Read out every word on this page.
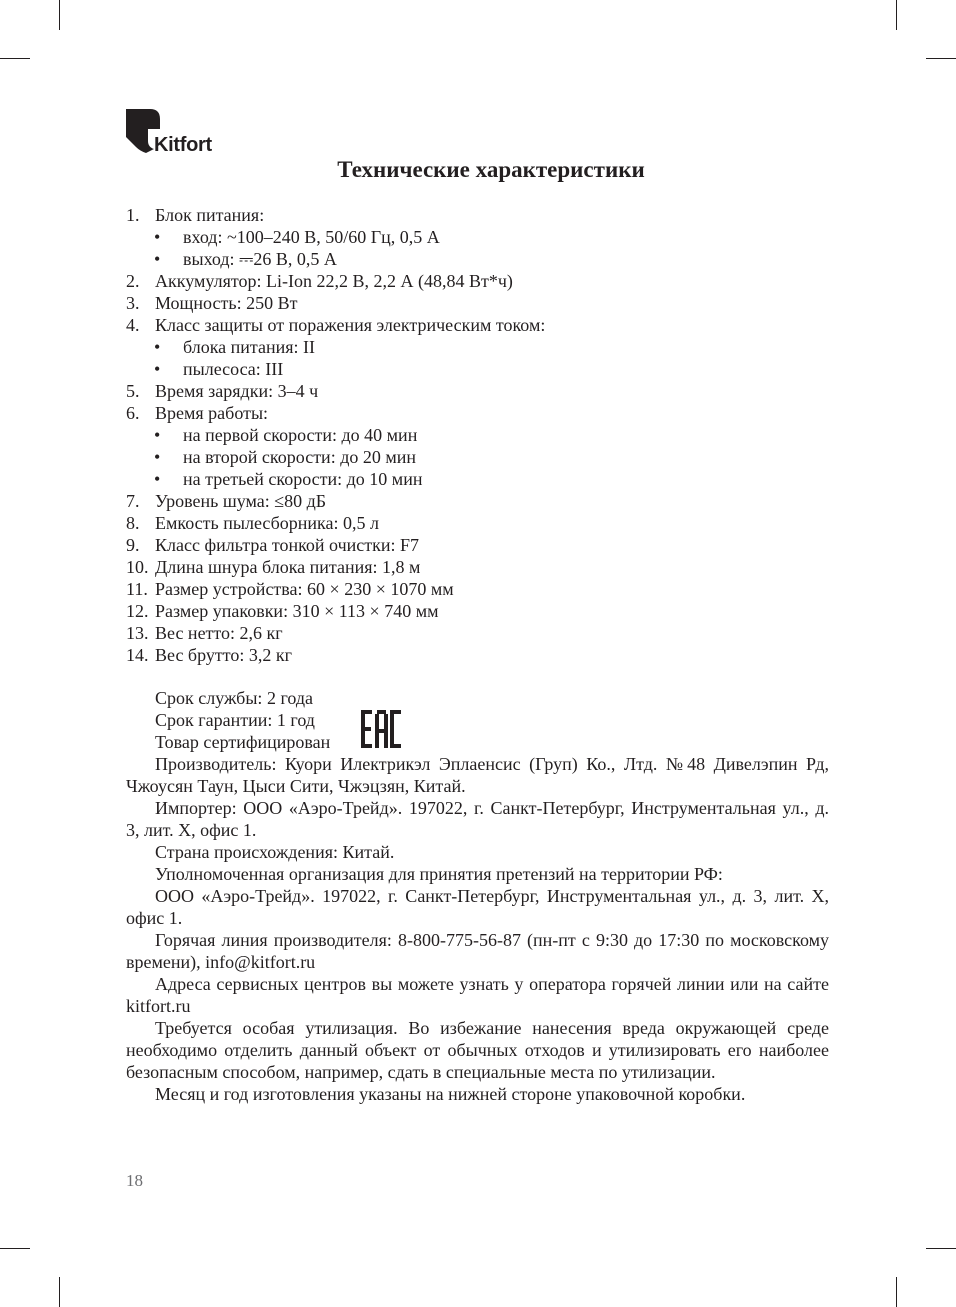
Kitfort
Технические характеристики
1. Блок питания:
• вход: ~100–240 В, 50/60 Гц, 0,5 А
• выход: ⎓26 В, 0,5 А
2. Аккумулятор: Li-Ion 22,2 В, 2,2 А (48,84 Вт*ч)
3. Мощность: 250 Вт
4. Класс защиты от поражения электрическим током:
• блока питания: II
• пылесоса: III
5. Время зарядки: 3–4 ч
6. Время работы:
• на первой скорости: до 40 мин
• на второй скорости: до 20 мин
• на третьей скорости: до 10 мин
7. Уровень шума: ≤80 дБ
8. Емкость пылесборника: 0,5 л
9. Класс фильтра тонкой очистки: F7
10. Длина шнура блока питания: 1,8 м
11. Размер устройства: 60 × 230 × 1070 мм
12. Размер упаковки: 310 × 113 × 740 мм
13. Вес нетто: 2,6 кг
14. Вес брутто: 3,2 кг
Срок службы: 2 года
Срок гарантии: 1 год
Товар сертифицирован

Производитель: Куори Илектрикэл Эплаенсис (Груп) Ко., Лтд. №48 Дивелэпин Рд, Чжоусян Таун, Цыси Сити, Чжэцзян, Китай.

Импортер: ООО «Аэро-Трейд». 197022, г. Санкт-Петербург, Инструментальная ул., д. 3, лит. Х, офис 1.

Страна происхождения: Китай.

Уполномоченная организация для принятия претензий на территории РФ:

ООО «Аэро-Трейд». 197022, г. Санкт-Петербург, Инструментальная ул., д. 3, лит. Х, офис 1.

Горячая линия производителя: 8-800-775-56-87 (пн-пт с 9:30 до 17:30 по московскому времени), info@kitfort.ru

Адреса сервисных центров вы можете узнать у оператора горячей линии или на сайте kitfort.ru

Требуется особая утилизация. Во избежание нанесения вреда окружающей среде необходимо отделить данный объект от обычных отходов и утилизировать его наиболее безопасным способом, например, сдать в специальные места по утилизации.

Месяц и год изготовления указаны на нижней стороне упаковочной коробки.

18
